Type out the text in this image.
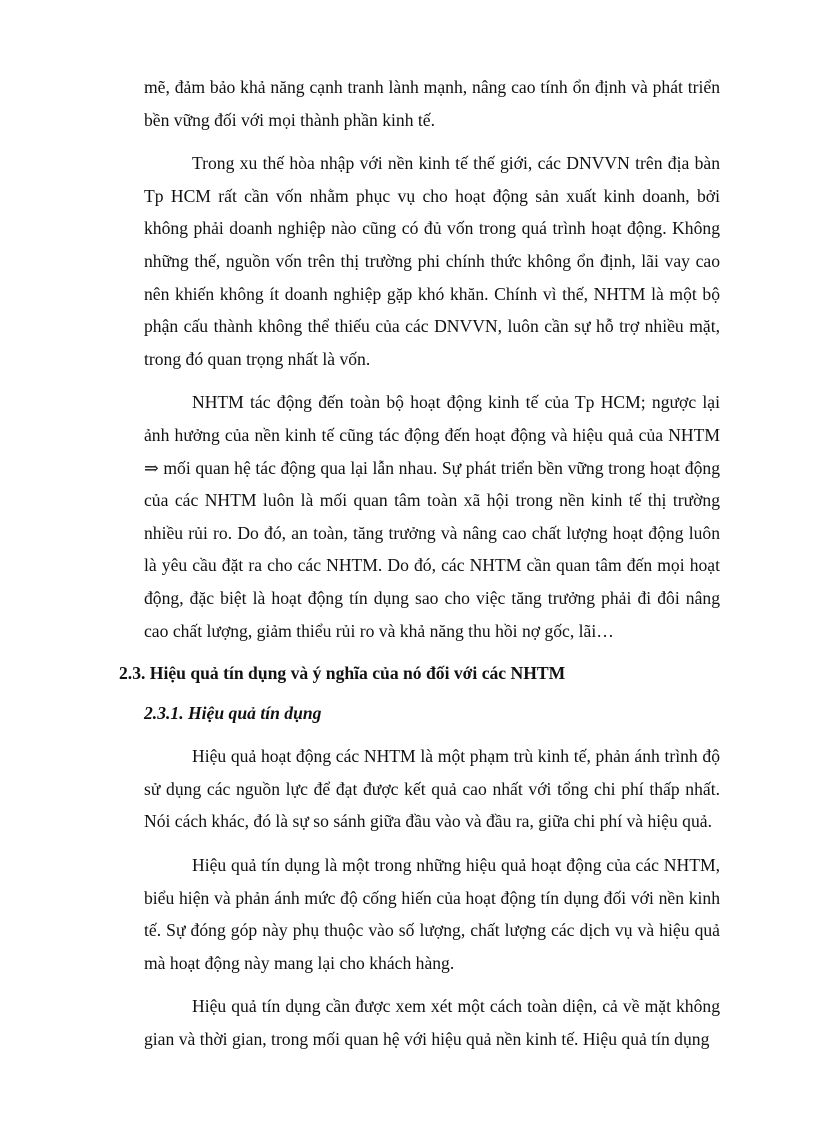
mẽ, đảm bảo khả năng cạnh tranh lành mạnh, nâng cao tính ổn định và phát triển bền vững đối với mọi thành phần kinh tế.

Trong xu thế hòa nhập với nền kinh tế thế giới, các DNVVN trên địa bàn Tp HCM rất cần vốn nhằm phục vụ cho hoạt động sản xuất kinh doanh, bởi không phải doanh nghiệp nào cũng có đủ vốn trong quá trình hoạt động. Không những thế, nguồn vốn trên thị trường phi chính thức không ổn định, lãi vay cao nên khiến không ít doanh nghiệp gặp khó khăn. Chính vì thế, NHTM là một bộ phận cấu thành không thể thiếu của các DNVVN, luôn cần sự hỗ trợ nhiều mặt, trong đó quan trọng nhất là vốn.

NHTM tác động đến toàn bộ hoạt động kinh tế của Tp HCM; ngược lại ảnh hưởng của nền kinh tế cũng tác động đến hoạt động và hiệu quả của NHTM ⇒ mối quan hệ tác động qua lại lẫn nhau. Sự phát triển bền vững trong hoạt động của các NHTM luôn là mối quan tâm toàn xã hội trong nền kinh tế thị trường nhiều rủi ro. Do đó, an toàn, tăng trưởng và nâng cao chất lượng hoạt động luôn là yêu cầu đặt ra cho các NHTM. Do đó, các NHTM cần quan tâm đến mọi hoạt động, đặc biệt là hoạt động tín dụng sao cho việc tăng trưởng phải đi đôi nâng cao chất lượng, giảm thiểu rủi ro và khả năng thu hồi nợ gốc, lãi…

2.3. Hiệu quả tín dụng và ý nghĩa của nó đối với các NHTM
2.3.1. Hiệu quả tín dụng

Hiệu quả hoạt động các NHTM là một phạm trù kinh tế, phản ánh trình độ sử dụng các nguồn lực để đạt được kết quả cao nhất với tổng chi phí thấp nhất. Nói cách khác, đó là sự so sánh giữa đầu vào và đầu ra, giữa chi phí và hiệu quả.

Hiệu quả tín dụng là một trong những hiệu quả hoạt động của các NHTM, biểu hiện và phản ánh mức độ cống hiến của hoạt động tín dụng đối với nền kinh tế. Sự đóng góp này phụ thuộc vào số lượng, chất lượng các dịch vụ và hiệu quả mà hoạt động này mang lại cho khách hàng.

Hiệu quả tín dụng cần được xem xét một cách toàn diện, cả về mặt không gian và thời gian, trong mối quan hệ với hiệu quả nền kinh tế. Hiệu quả tín dụng
